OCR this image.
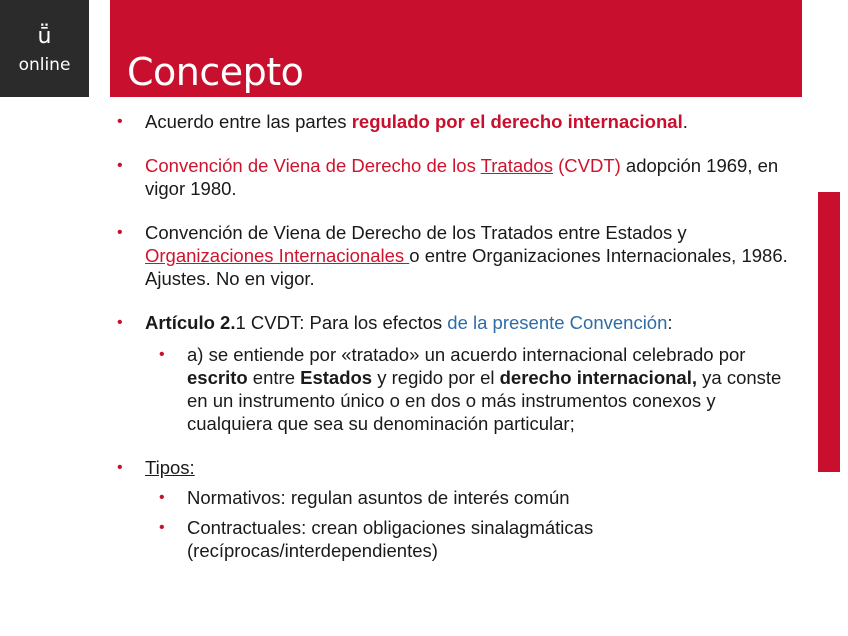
ṻ
online	Concepto
• Acuerdo entre las partes regulado por el derecho internacional.
• Convención de Viena de Derecho de los Tratados (CVDT) adopción 1969, en vigor 1980.
• Convención de Viena de Derecho de los Tratados entre Estados y Organizaciones Internacionales o entre Organizaciones Internacionales, 1986. Ajustes. No en vigor.
• Artículo 2.1 CVDT: Para los efectos de la presente Convención:
• a) se entiende por «tratado» un acuerdo internacional celebrado por escrito entre Estados y regido por el derecho internacional, ya conste en un instrumento único o en dos o más instrumentos conexos y cualquiera que sea su denominación particular;
• Tipos:
• Normativos: regulan asuntos de interés común
• Contractuales: crean obligaciones sinalagmáticas (recíprocas/interdependientes)
